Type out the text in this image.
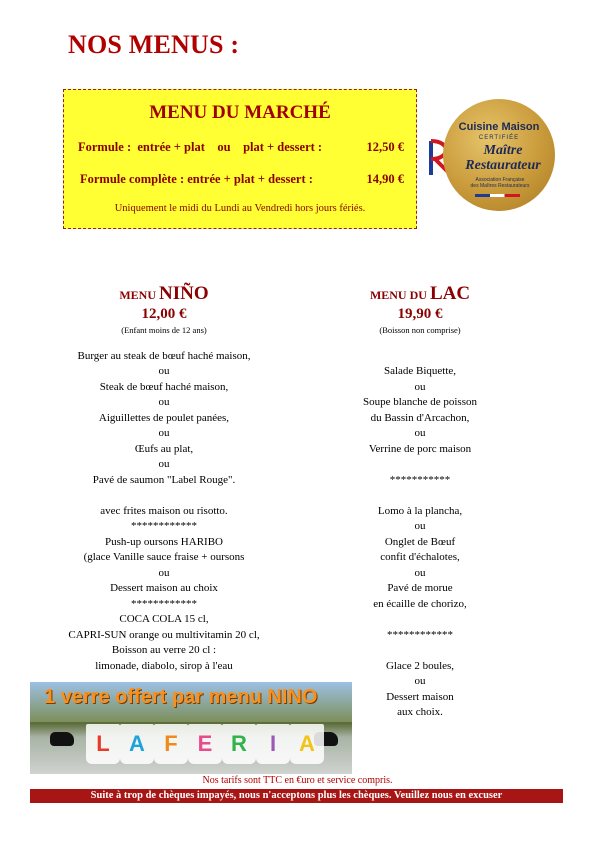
NOS MENUS :
MENU DU MARCHÉ
Formule :  entrée + plat    ou    plat + dessert :	12,50 €
Formule complète : entrée + plat + dessert :	14,90 €
Uniquement le midi du Lundi au Vendredi hors jours fériés.
Cuisine Maison
CERTIFIÉE
Maître
Restaurateur
Association Française
des Maîtres Restaurateurs
MENU NIÑO
12,00 €
(Enfant moins de 12 ans)
Burger au steak de bœuf haché maison,
ou
Steak de bœuf haché maison,
ou
Aiguillettes de poulet panées,
ou
Œufs au plat,
ou
Pavé de saumon "Label Rouge".
avec frites maison ou risotto.
************
Push-up oursons HARIBO
(glace Vanille sauce fraise + oursons
ou
Dessert maison au choix
************
COCA COLA 15 cl,
CAPRI-SUN orange ou multivitamin 20 cl,
Boisson au verre 20 cl :
limonade, diabolo, sirop à l'eau
MENU DU LAC
19,90 €
(Boisson non comprise)
Salade Biquette,
ou
Soupe blanche de poisson
du Bassin d'Arcachon,
ou
Verrine de porc maison
***********
Lomo à la plancha,
ou
Onglet de Bœuf
confit d'échalotes,
ou
Pavé de morue
en écaille de chorizo,
************
Glace 2 boules,
ou
Dessert maison
aux choix.
1 verre offert par menu NINO
L A F E R	I	A
Nos tarifs sont TTC en €uro et service compris.
Suite à trop de chèques impayés, nous n'acceptons plus les chèques. Veuillez nous en excuser
